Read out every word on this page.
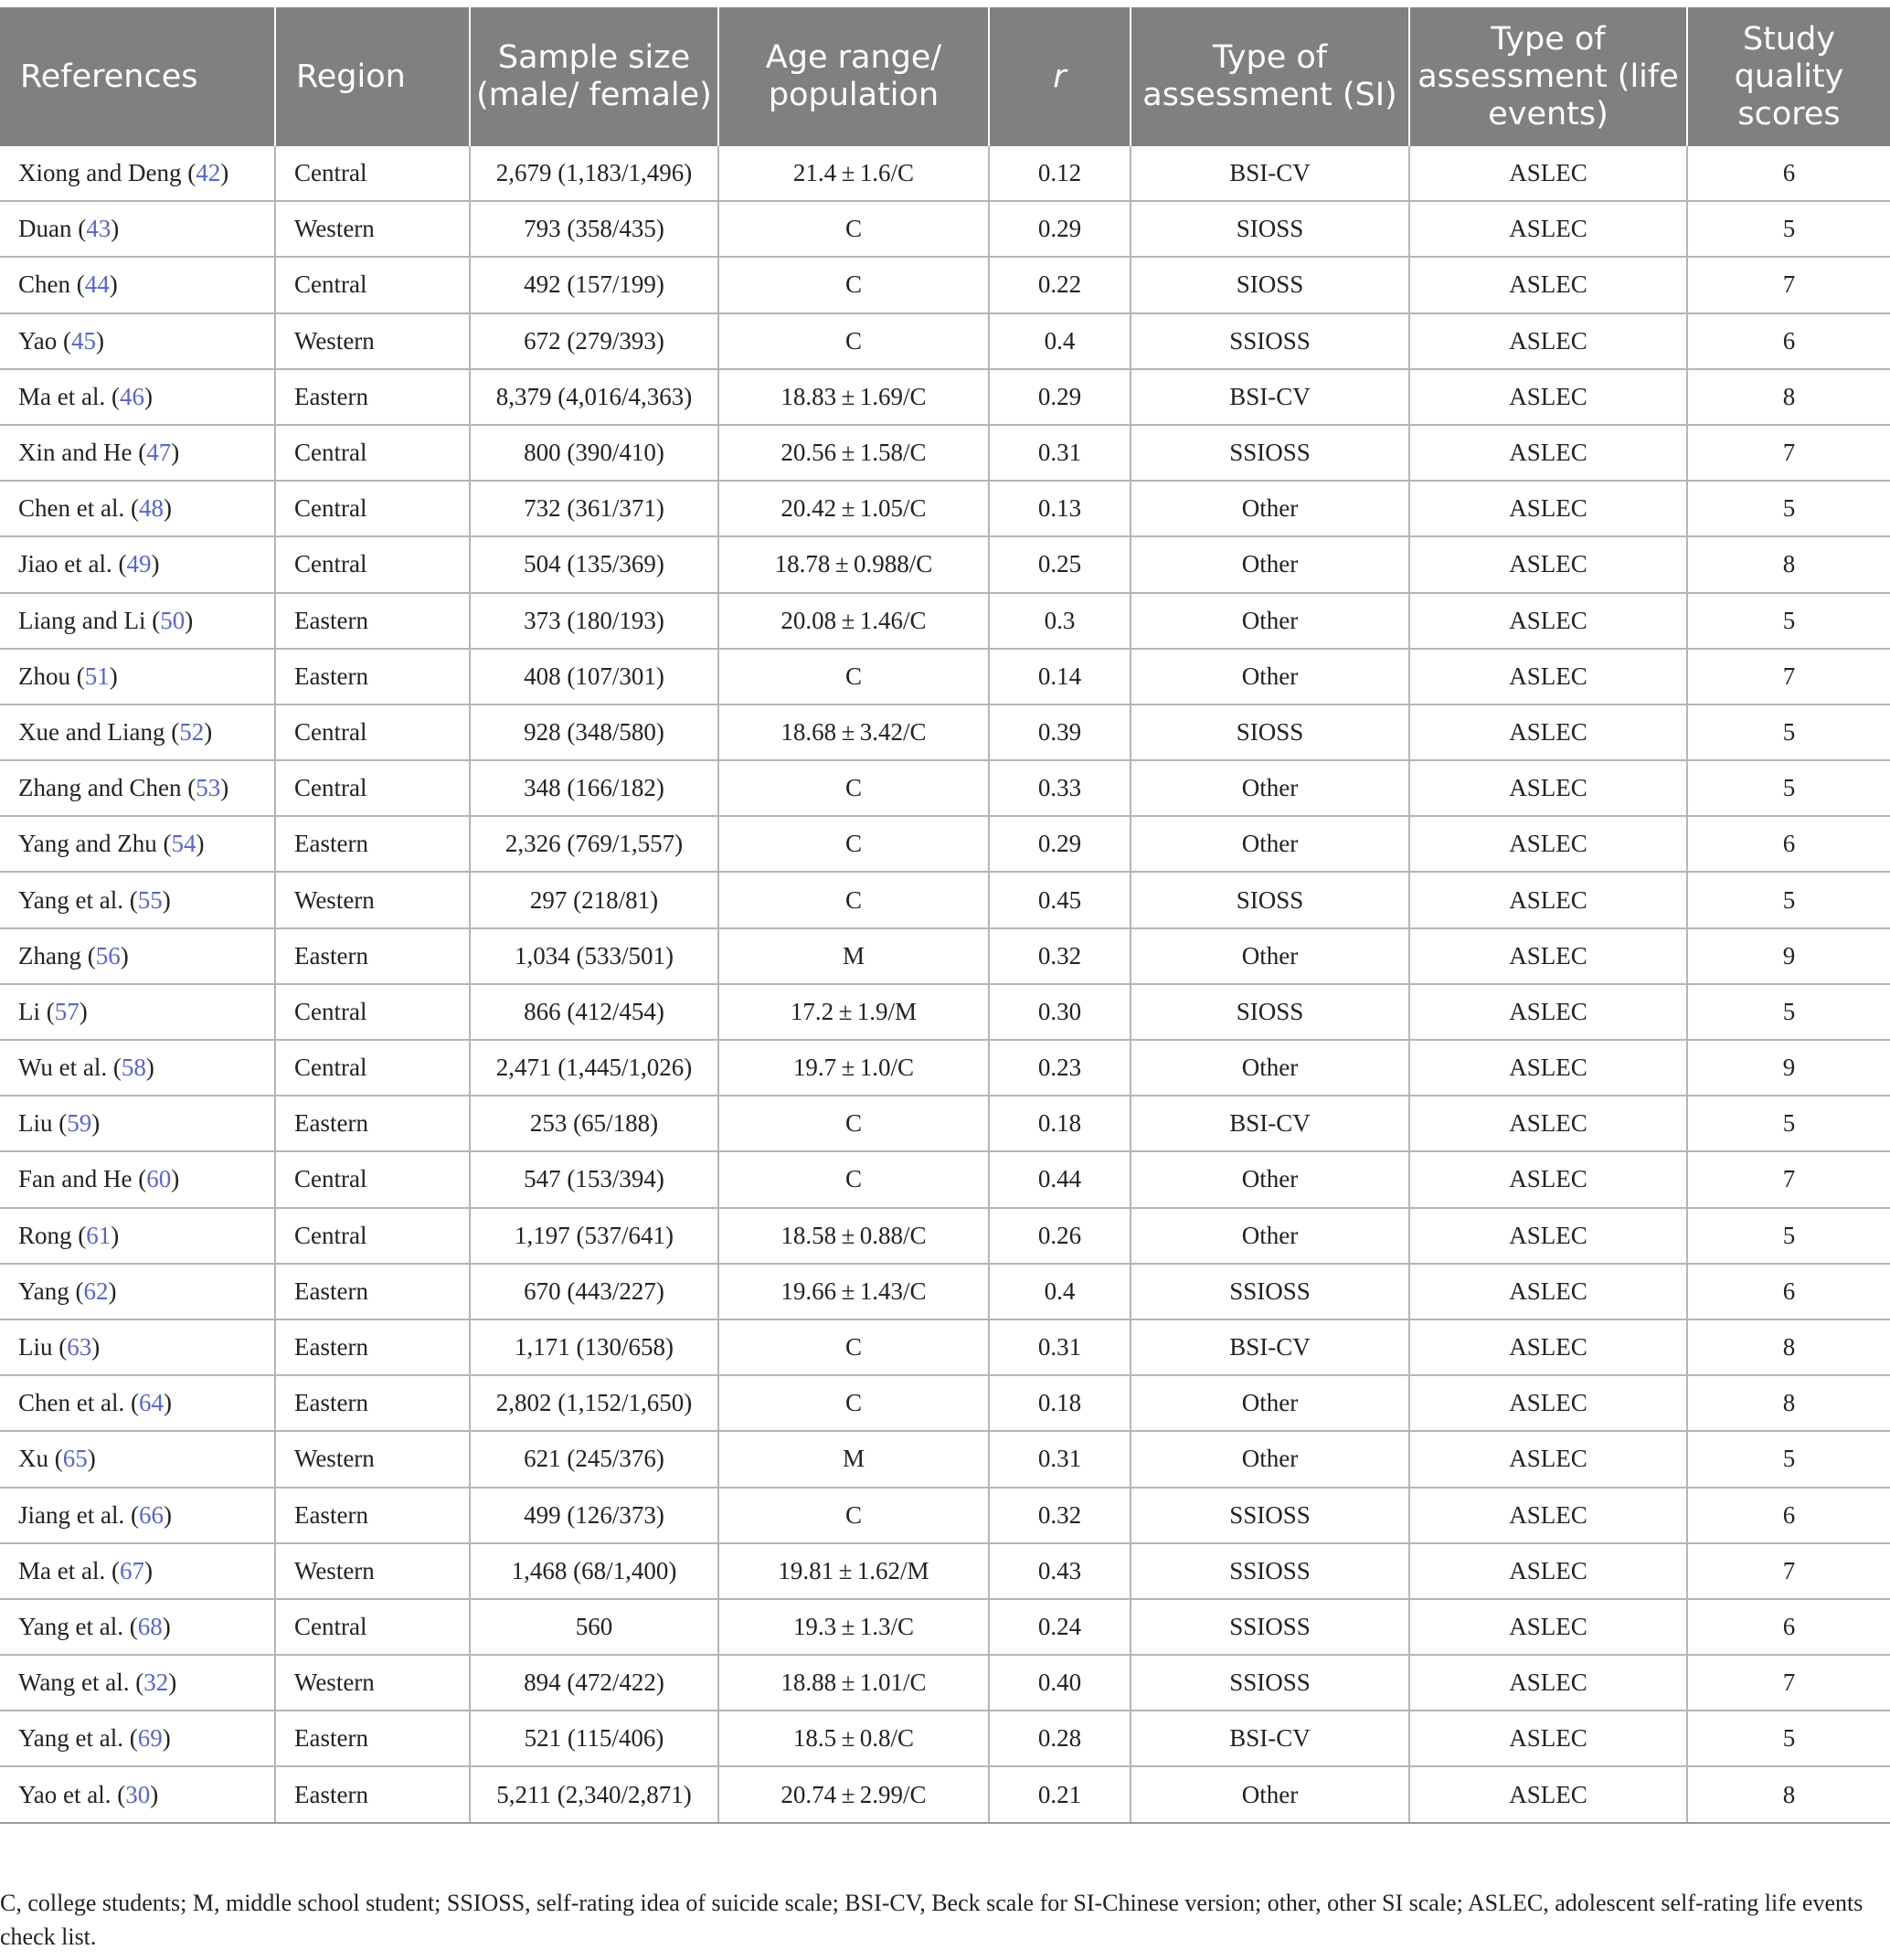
References	Region	Sample size (male/ female)	Age range/ population	r	Type of assessment (SI)	Type of assessment (life events)	Study quality scores
Xiong and Deng (42)	Central	2,679 (1,183/1,496)	21.4 ± 1.6/C	0.12	BSI-CV	ASLEC	6
Duan (43)	Western	793 (358/435)	C	0.29	SIOSS	ASLEC	5
Chen (44)	Central	492 (157/199)	C	0.22	SIOSS	ASLEC	7
Yao (45)	Western	672 (279/393)	C	0.4	SSIOSS	ASLEC	6
Ma et al. (46)	Eastern	8,379 (4,016/4,363)	18.83 ± 1.69/C	0.29	BSI-CV	ASLEC	8
Xin and He (47)	Central	800 (390/410)	20.56 ± 1.58/C	0.31	SSIOSS	ASLEC	7
Chen et al. (48)	Central	732 (361/371)	20.42 ± 1.05/C	0.13	Other	ASLEC	5
Jiao et al. (49)	Central	504 (135/369)	18.78 ± 0.988/C	0.25	Other	ASLEC	8
Liang and Li (50)	Eastern	373 (180/193)	20.08 ± 1.46/C	0.3	Other	ASLEC	5
Zhou (51)	Eastern	408 (107/301)	C	0.14	Other	ASLEC	7
Xue and Liang (52)	Central	928 (348/580)	18.68 ± 3.42/C	0.39	SIOSS	ASLEC	5
Zhang and Chen (53)	Central	348 (166/182)	C	0.33	Other	ASLEC	5
Yang and Zhu (54)	Eastern	2,326 (769/1,557)	C	0.29	Other	ASLEC	6
Yang et al. (55)	Western	297 (218/81)	C	0.45	SIOSS	ASLEC	5
Zhang (56)	Eastern	1,034 (533/501)	M	0.32	Other	ASLEC	9
Li (57)	Central	866 (412/454)	17.2 ± 1.9/M	0.30	SIOSS	ASLEC	5
Wu et al. (58)	Central	2,471 (1,445/1,026)	19.7 ± 1.0/C	0.23	Other	ASLEC	9
Liu (59)	Eastern	253 (65/188)	C	0.18	BSI-CV	ASLEC	5
Fan and He (60)	Central	547 (153/394)	C	0.44	Other	ASLEC	7
Rong (61)	Central	1,197 (537/641)	18.58 ± 0.88/C	0.26	Other	ASLEC	5
Yang (62)	Eastern	670 (443/227)	19.66 ± 1.43/C	0.4	SSIOSS	ASLEC	6
Liu (63)	Eastern	1,171 (130/658)	C	0.31	BSI-CV	ASLEC	8
Chen et al. (64)	Eastern	2,802 (1,152/1,650)	C	0.18	Other	ASLEC	8
Xu (65)	Western	621 (245/376)	M	0.31	Other	ASLEC	5
Jiang et al. (66)	Eastern	499 (126/373)	C	0.32	SSIOSS	ASLEC	6
Ma et al. (67)	Western	1,468 (68/1,400)	19.81 ± 1.62/M	0.43	SSIOSS	ASLEC	7
Yang et al. (68)	Central	560	19.3 ± 1.3/C	0.24	SSIOSS	ASLEC	6
Wang et al. (32)	Western	894 (472/422)	18.88 ± 1.01/C	0.40	SSIOSS	ASLEC	7
Yang et al. (69)	Eastern	521 (115/406)	18.5 ± 0.8/C	0.28	BSI-CV	ASLEC	5
Yao et al. (30)	Eastern	5,211 (2,340/2,871)	20.74 ± 2.99/C	0.21	Other	ASLEC	8
C, college students; M, middle school student; SSIOSS, self-rating idea of suicide scale; BSI-CV, Beck scale for SI-Chinese version; other, other SI scale; ASLEC, adolescent self-rating life events check list.
